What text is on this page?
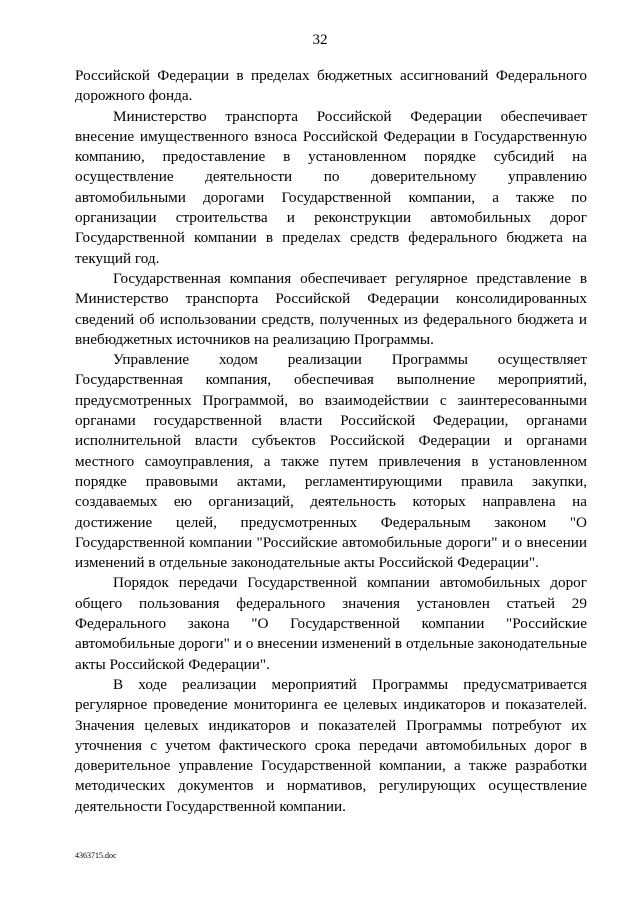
32

Российской Федерации в пределах бюджетных ассигнований Федерального дорожного фонда.

Министерство транспорта Российской Федерации обеспечивает внесение имущественного взноса Российской Федерации в Государственную компанию, предоставление в установленном порядке субсидий на осуществление деятельности по доверительному управлению автомобильными дорогами Государственной компании, а также по организации строительства и реконструкции автомобильных дорог Государственной компании в пределах средств федерального бюджета на текущий год.

Государственная компания обеспечивает регулярное представление в Министерство транспорта Российской Федерации консолидированных сведений об использовании средств, полученных из федерального бюджета и внебюджетных источников на реализацию Программы.

Управление ходом реализации Программы осуществляет Государственная компания, обеспечивая выполнение мероприятий, предусмотренных Программой, во взаимодействии с заинтересованными органами государственной власти Российской Федерации, органами исполнительной власти субъектов Российской Федерации и органами местного самоуправления, а также путем привлечения в установленном порядке правовыми актами, регламентирующими правила закупки, создаваемых ею организаций, деятельность которых направлена на достижение целей, предусмотренных Федеральным законом "О Государственной компании "Российские автомобильные дороги" и о внесении изменений в отдельные законодательные акты Российской Федерации".

Порядок передачи Государственной компании автомобильных дорог общего пользования федерального значения установлен статьей 29 Федерального закона "О Государственной компании "Российские автомобильные дороги" и о внесении изменений в отдельные законодательные акты Российской Федерации".

В ходе реализации мероприятий Программы предусматривается регулярное проведение мониторинга ее целевых индикаторов и показателей. Значения целевых индикаторов и показателей Программы потребуют их уточнения с учетом фактического срока передачи автомобильных дорог в доверительное управление Государственной компании, а также разработки методических документов и нормативов, регулирующих осуществление деятельности Государственной компании.

4363715.doc
